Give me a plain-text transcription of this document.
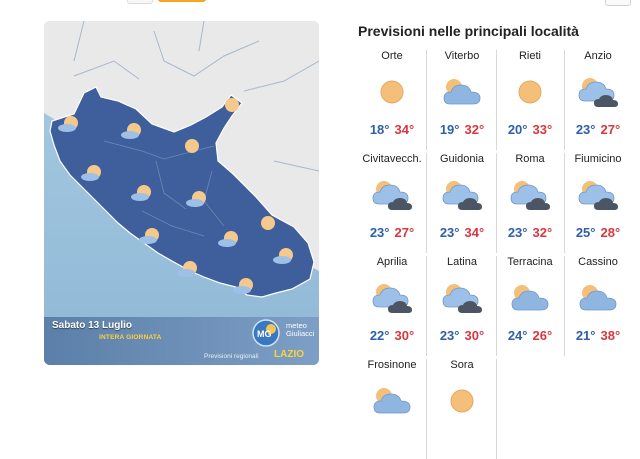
Sabato 13 Luglio
INTERA GIORNATA	MG
meteo
Giuliacci
Previsioni regionali LAZIO
Previsioni nelle principali località
Orte
18° 34°
Viterbo
19° 32°
Rieti
20° 33°
Anzio
23° 27°
Civitavecch.
23° 27°
Guidonia
23° 34°
Roma
23° 32°
Fiumicino
25° 28°
Aprilia
22° 30°
Latina
23° 30°
Terracina
24° 26°
Cassino
21° 38°
Frosinone	Sora
